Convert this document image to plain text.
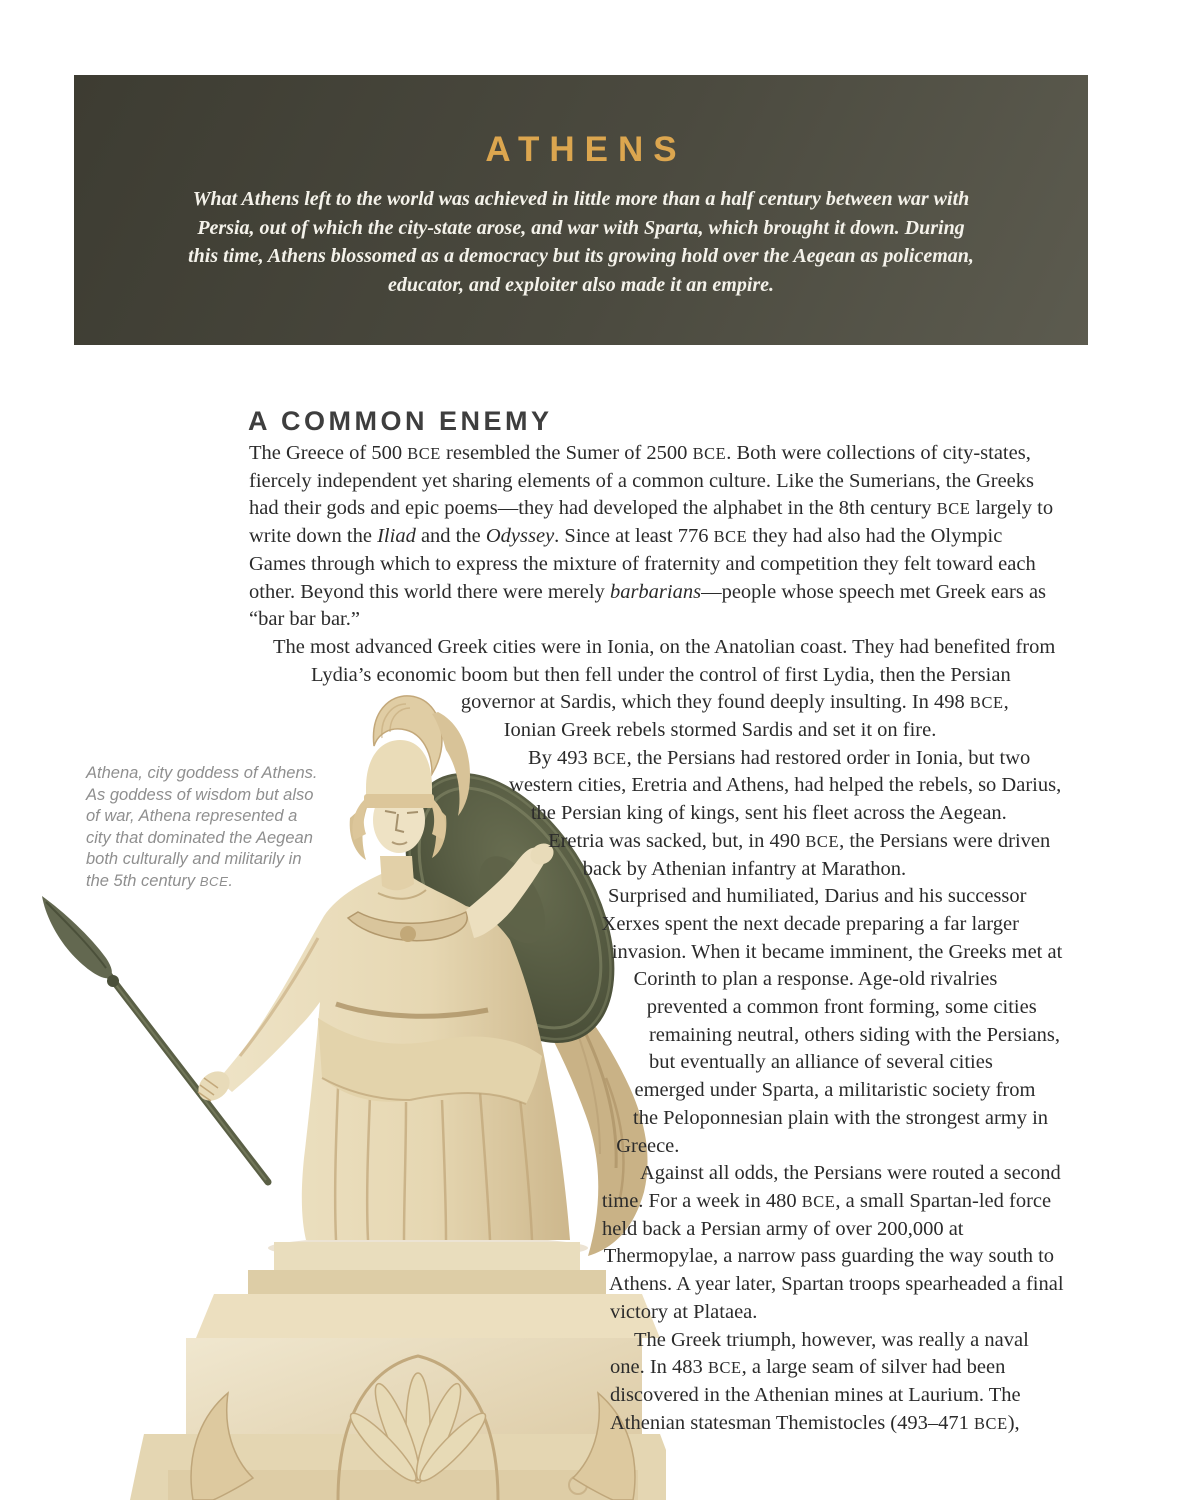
ATHENS
What Athens left to the world was achieved in little more than a half century between war with
Persia, out of which the city-state arose, and war with Sparta, which brought it down. During
this time, Athens blossomed as a democracy but its growing hold over the Aegean as policeman,
educator, and exploiter also made it an empire.
Athena, city goddess of Athens. As goddess of wisdom but also of war, Athena represented a city that dominated the Aegean both culturally and militarily in the 5th century BCE.
A COMMON ENEMY

The Greece of 500 BCE resembled the Sumer of 2500 BCE. Both were collections of city-states, fiercely independent yet sharing elements of a common culture. Like the Sumerians, the Greeks had their gods and epic poems—they had developed the alphabet in the 8th century BCE largely to write down the Iliad and the Odyssey. Since at least 776 BCE they had also had the Olympic Games through which to express the mixture of fraternity and competition they felt toward each other. Beyond this world there were merely barbarians—people whose speech met Greek ears as “bar bar bar.”

The most advanced Greek cities were in Ionia, on the Anatolian coast. They had benefited from Lydia’s economic boom but then fell under the control of first Lydia, then the Persian governor at Sardis, which they found deeply insulting. In 498 BCE, Ionian Greek rebels stormed Sardis and set it on fire.

By 493 BCE, the Persians had restored order in Ionia, but two western cities, Eretria and Athens, had helped the rebels, so Darius, the Persian king of kings, sent his fleet across the Aegean. Eretria was sacked, but, in 490 BCE, the Persians were driven back by Athenian infantry at Marathon.

Surprised and humiliated, Darius and his successor Xerxes spent the next decade preparing a far larger invasion. When it became imminent, the Greeks met at Corinth to plan a response. Age-old rivalries prevented a common front forming, some cities remaining neutral, others siding with the Persians, but eventually an alliance of several cities emerged under Sparta, a militaristic society from the Peloponnesian plain with the strongest army in Greece.

Against all odds, the Persians were routed a second time. For a week in 480 BCE, a small Spartan-led force held back a Persian army of over 200,000 at Thermopylae, a narrow pass guarding the way south to Athens. A year later, Spartan troops spearheaded a final victory at Plataea.

The Greek triumph, however, was really a naval one. In 483 BCE, a large seam of silver had been discovered in the Athenian mines at Laurium. The Athenian statesman Themistocles (493–471 BCE),
